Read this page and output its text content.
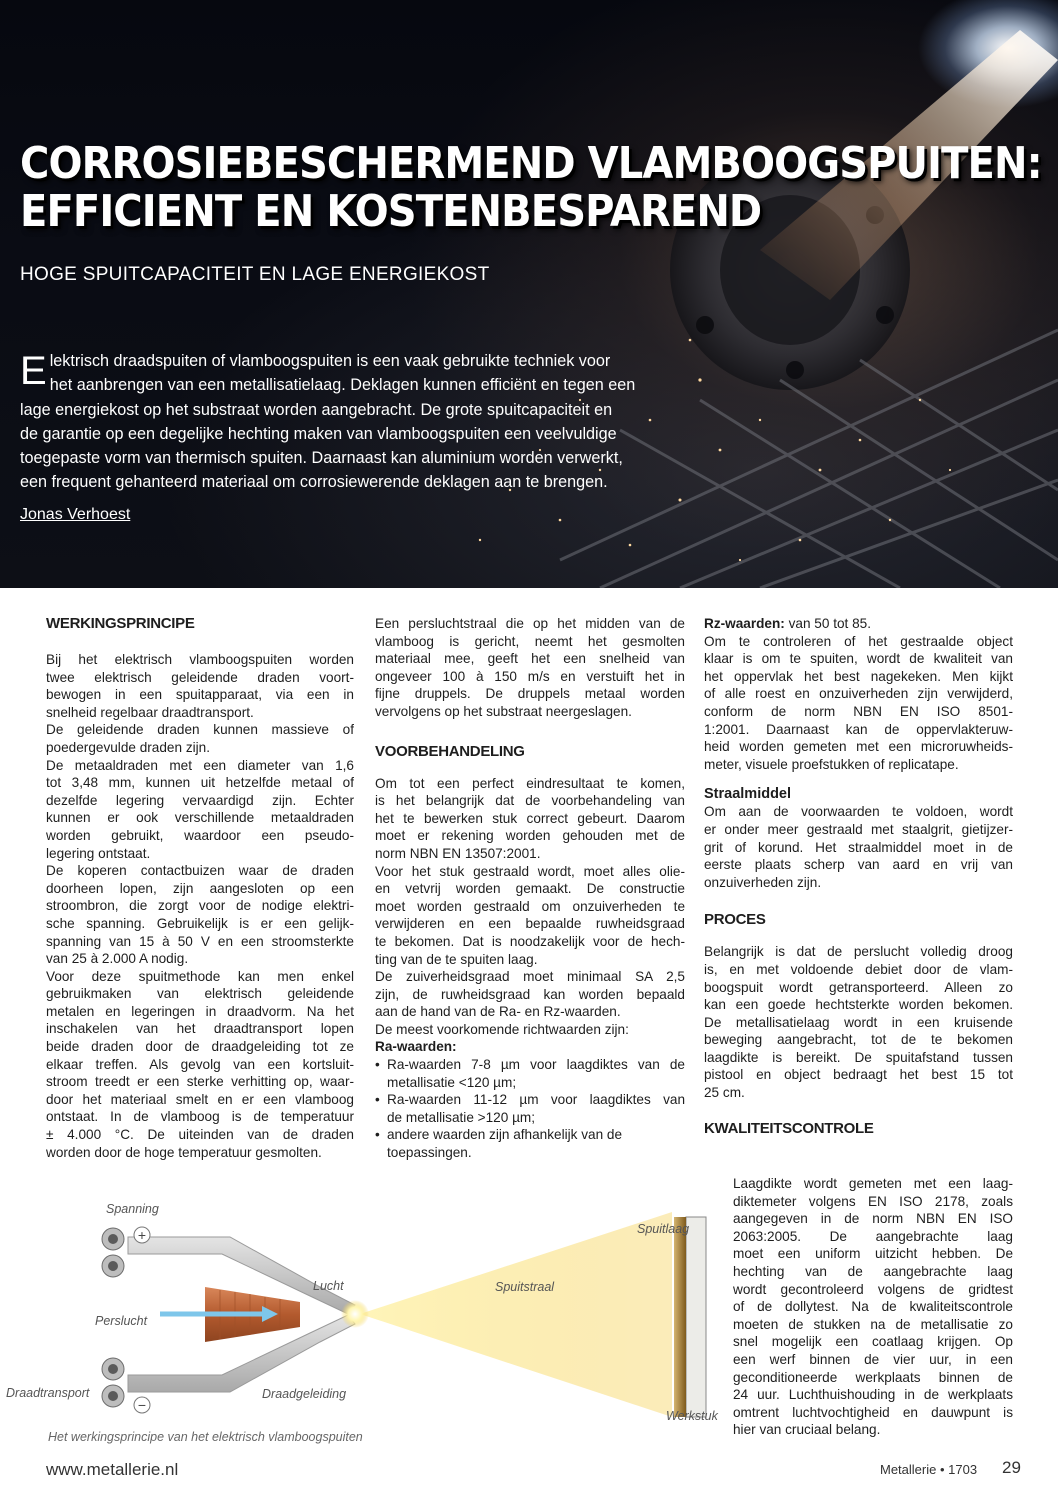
CORROSIEBESCHERMEND VLAMBOOGSPUITEN:
EFFICIENT EN KOSTENBESPAREND
HOGE SPUITCAPACITEIT EN LAGE ENERGIEKOST
E lektrisch draadspuiten of vlamboogspuiten is een vaak gebruikte techniek voor
het aanbrengen van een metallisatielaag. Deklagen kunnen efficiënt en tegen een
lage energiekost op het substraat worden aangebracht. De grote spuitcapaciteit en
de garantie op een degelijke hechting maken van vlamboogspuiten een veelvuldige
toegepaste vorm van thermisch spuiten. Daarnaast kan aluminium worden verwerkt,
een frequent gehanteerd materiaal om corrosiewerende deklagen aan te brengen.
Jonas Verhoest
WERKINGSPRINCIPE
Bij het elektrisch vlamboogspuiten worden
twee elektrisch geleidende draden voort-
bewogen in een spuitapparaat, via een in
snelheid regelbaar draadtransport.
De geleidende draden kunnen massieve of
poedergevulde draden zijn.
De metaaldraden met een diameter van 1,6
tot 3,48 mm, kunnen uit hetzelfde metaal of
dezelfde legering vervaardigd zijn. Echter
kunnen er ook verschillende metaaldraden
worden gebruikt, waardoor een pseudo-
legering ontstaat.
De koperen contactbuizen waar de draden
doorheen lopen, zijn aangesloten op een
stroombron, die zorgt voor de nodige elektri-
sche spanning. Gebruikelijk is er een gelijk-
spanning van 15 à 50 V en een stroomsterkte
van 25 à 2.000 A nodig.
Voor deze spuitmethode kan men enkel
gebruikmaken van elektrisch geleidende
metalen en legeringen in draadvorm. Na het
inschakelen van het draadtransport lopen
beide draden door de draadgeleiding tot ze
elkaar treffen. Als gevolg van een kortsluit-
stroom treedt er een sterke verhitting op, waar-
door het materiaal smelt en er een vlamboog
ontstaat. In de vlamboog is de temperatuur
± 4.000 °C. De uiteinden van de draden
worden door de hoge temperatuur gesmolten.
Een persluchtstraal die op het midden van de
vlamboog is gericht, neemt het gesmolten
materiaal mee, geeft het een snelheid van
ongeveer 100 à 150 m/s en verstuift het in
fijne druppels. De druppels metaal worden
vervolgens op het substraat neergeslagen.
VOORBEHANDELING
Om tot een perfect eindresultaat te komen,
is het belangrijk dat de voorbehandeling van
het te bewerken stuk correct gebeurt. Daarom
moet er rekening worden gehouden met de
norm NBN EN 13507:2001.
Voor het stuk gestraald wordt, moet alles olie-
en vetvrij worden gemaakt. De constructie
moet worden gestraald om onzuiverheden te
verwijderen en een bepaalde ruwheidsgraad
te bekomen. Dat is noodzakelijk voor de hech-
ting van de te spuiten laag.
De zuiverheidsgraad moet minimaal SA 2,5
zijn, de ruwheidsgraad kan worden bepaald
aan de hand van de Ra- en Rz-waarden.
De meest voorkomende richtwaarden zijn:
Ra-waarden:
• Ra-waarden 7-8 µm voor laagdiktes van de
metallisatie <120 µm;
• Ra-waarden 11-12 µm voor laagdiktes van
de metallisatie >120 µm;
• andere waarden zijn afhankelijk van de
toepassingen.
Rz-waarden: van 50 tot 85.
Om te controleren of het gestraalde object
klaar is om te spuiten, wordt de kwaliteit van
het oppervlak het best nagekeken. Men kijkt
of alle roest en onzuiverheden zijn verwijderd,
conform de norm NBN EN ISO 8501-
1:2001. Daarnaast kan de oppervlakteruw-
heid worden gemeten met een microruwheids-
meter, visuele proefstukken of replicatape.
Straalmiddel
Om aan de voorwaarden te voldoen, wordt
er onder meer gestraald met staalgrit, gietijzer-
grit of korund. Het straalmiddel moet in de
eerste plaats scherp van aard en vrij van
onzuiverheden zijn.
PROCES
Belangrijk is dat de perslucht volledig droog
is, en met voldoende debiet door de vlam-
boogspuit wordt getransporteerd. Alleen zo
kan een goede hechtsterkte worden bekomen.
De metallisatielaag wordt in een kruisende
beweging aangebracht, tot de te bekomen
laagdikte is bereikt. De spuitafstand tussen
pistool en object bedraagt het best 15 tot
25 cm.
KWALITEITSCONTROLE
Laagdikte wordt gemeten met een laag-
diktemeter volgens EN ISO 2178, zoals
aangegeven in de norm NBN EN ISO
2063:2005. De aangebrachte laag
moet een uniform uitzicht hebben. De
hechting van de aangebrachte laag
wordt gecontroleerd volgens de gridtest
of de dollytest. Na de kwaliteitscontrole
moeten de stukken na de metallisatie zo
snel mogelijk een coatlaag krijgen. Op
een werf binnen de vier uur, in een
geconditioneerde werkplaats binnen de
24 uur. Luchthuishouding in de werkplaats
omtrent luchtvochtigheid en dauwpunt is
hier van cruciaal belang.
+
−
Spanning
Lucht	Spuitstraal
Spuitlaag
Perslucht
Draadtransport	Draadgeleiding
Werkstuk
Het werkingsprincipe van het elektrisch vlamboogspuiten
www.metallerie.nl	Metallerie • 1703 29
